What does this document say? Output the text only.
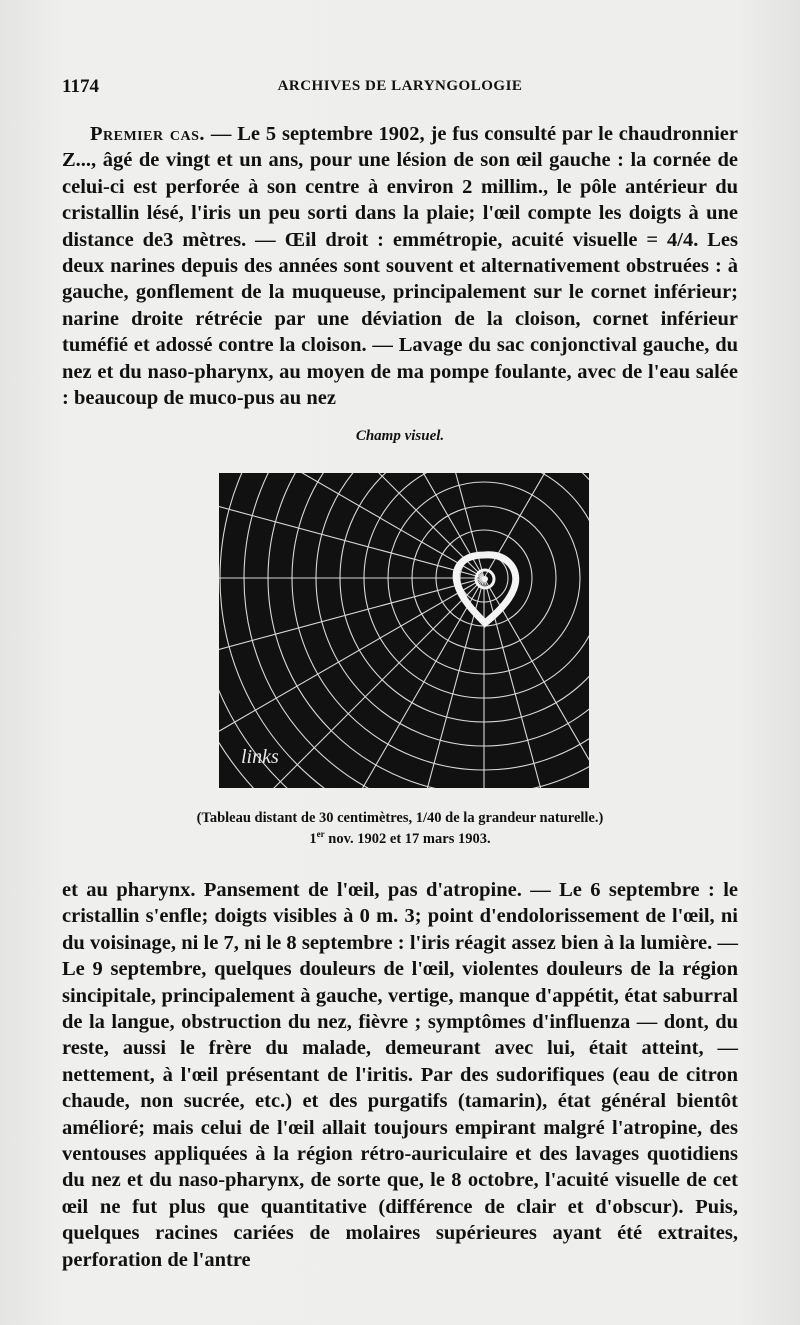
1174	ARCHIVES DE LARYNGOLOGIE
Premier cas. — Le 5 septembre 1902, je fus consulté par le chaudronnier Z..., âgé de vingt et un ans, pour une lésion de son œil gauche : la cornée de celui-ci est perforée à son centre à environ 2 millim., le pôle antérieur du cristallin lésé, l'iris un peu sorti dans la plaie; l'œil compte les doigts à une distance de3 mètres. — Œil droit : emmétropie, acuité visuelle = 4/4. Les deux narines depuis des années sont souvent et alternativement obstruées : à gauche, gonflement de la muqueuse, principalement sur le cornet inférieur; narine droite rétrécie par une déviation de la cloison, cornet inférieur tuméfié et adossé contre la cloison. — Lavage du sac conjonctival gauche, du nez et du naso-pharynx, au moyen de ma pompe foulante, avec de l'eau salée : beaucoup de muco-pus au nez
Champ visuel.
links
(Tableau distant de 30 centimètres, 1/40 de la grandeur naturelle.)
1er nov. 1902 et 17 mars 1903.
et au pharynx. Pansement de l'œil, pas d'atropine. — Le 6 septembre : le cristallin s'enfle; doigts visibles à 0 m. 3; point d'endolorissement de l'œil, ni du voisinage, ni le 7, ni le 8 septembre : l'iris réagit assez bien à la lumière. — Le 9 septembre, quelques douleurs de l'œil, violentes douleurs de la région sincipitale, principalement à gauche, vertige, manque d'appétit, état saburral de la langue, obstruction du nez, fièvre ; symptômes d'influenza — dont, du reste, aussi le frère du malade, demeurant avec lui, était atteint, — nettement, à l'œil présentant de l'iritis. Par des sudorifiques (eau de citron chaude, non sucrée, etc.) et des purgatifs (tamarin), état général bientôt amélioré; mais celui de l'œil allait toujours empirant malgré l'atropine, des ventouses appliquées à la région rétro-auriculaire et des lavages quotidiens du nez et du naso-pharynx, de sorte que, le 8 octobre, l'acuité visuelle de cet œil ne fut plus que quantitative (différence de clair et d'obscur). Puis, quelques racines cariées de molaires supérieures ayant été extraites, perforation de l'antre
